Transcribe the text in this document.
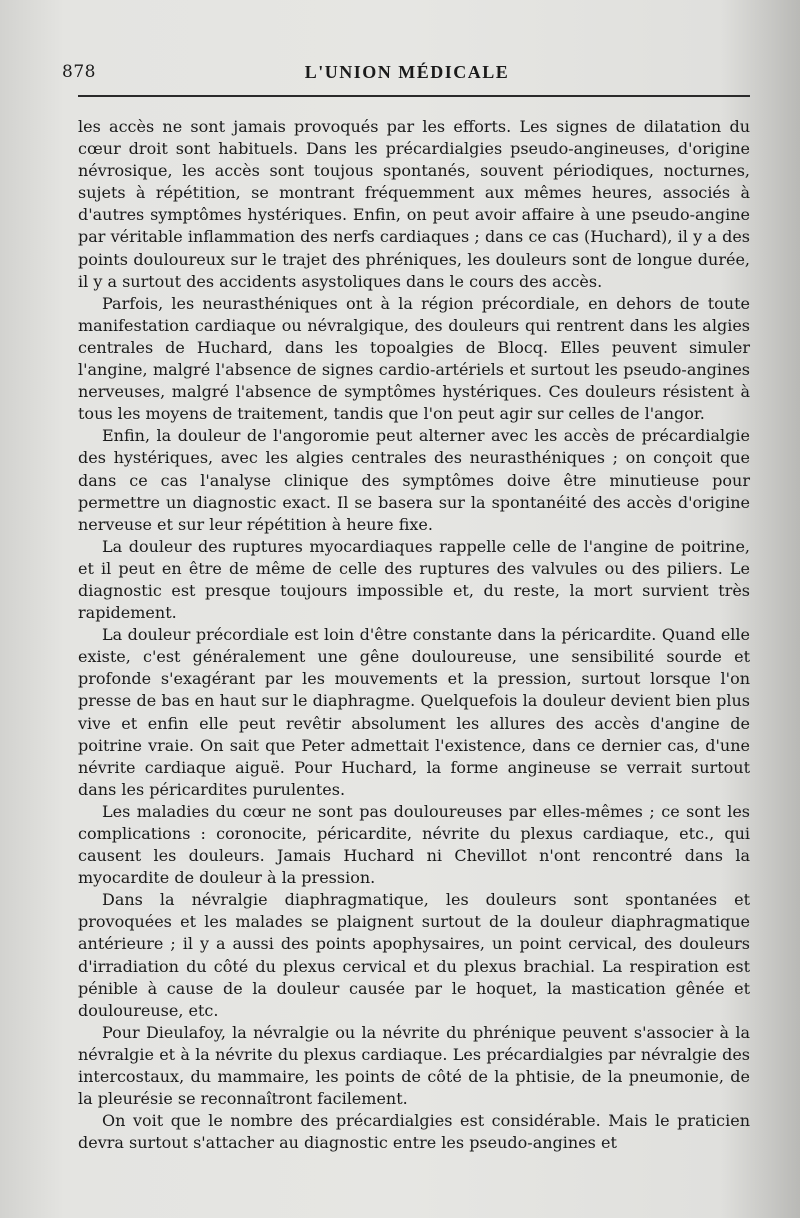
878	L'UNION MÉDICALE

les accès ne sont jamais provoqués par les efforts. Les signes de dilatation du cœur droit sont habituels. Dans les précardialgies pseudo-angineuses, d'origine névrosique, les accès sont toujous spontanés, souvent périodiques, nocturnes, sujets à répétition, se montrant fréquemment aux mêmes heures, associés à d'autres symptômes hystériques. Enfin, on peut avoir affaire à une pseudo-angine par véritable inflammation des nerfs cardiaques ; dans ce cas (Huchard), il y a des points douloureux sur le trajet des phréniques, les douleurs sont de longue durée, il y a surtout des accidents asystoliques dans le cours des accès.

Parfois, les neurasthéniques ont à la région précordiale, en dehors de toute manifestation cardiaque ou névralgique, des douleurs qui rentrent dans les algies centrales de Huchard, dans les topoalgies de Blocq. Elles peuvent simuler l'angine, malgré l'absence de signes cardio-artériels et surtout les pseudo-angines nerveuses, malgré l'absence de symptômes hystériques. Ces douleurs résistent à tous les moyens de traitement, tandis que l'on peut agir sur celles de l'angor.

Enfin, la douleur de l'angoromie peut alterner avec les accès de précardialgie des hystériques, avec les algies centrales des neurasthéniques ; on conçoit que dans ce cas l'analyse clinique des symptômes doive être minutieuse pour permettre un diagnostic exact. Il se basera sur la spontanéité des accès d'origine nerveuse et sur leur répétition à heure fixe.

La douleur des ruptures myocardiaques rappelle celle de l'angine de poitrine, et il peut en être de même de celle des ruptures des valvules ou des piliers. Le diagnostic est presque toujours impossible et, du reste, la mort survient très rapidement.

La douleur précordiale est loin d'être constante dans la péricardite. Quand elle existe, c'est généralement une gêne douloureuse, une sensibilité sourde et profonde s'exagérant par les mouvements et la pression, surtout lorsque l'on presse de bas en haut sur le diaphragme. Quelquefois la douleur devient bien plus vive et enfin elle peut revêtir absolument les allures des accès d'angine de poitrine vraie. On sait que Peter admettait l'existence, dans ce dernier cas, d'une névrite cardiaque aiguë. Pour Huchard, la forme angineuse se verrait surtout dans les péricardites purulentes.

Les maladies du cœur ne sont pas douloureuses par elles-mêmes ; ce sont les complications : coronocite, péricardite, névrite du plexus cardiaque, etc., qui causent les douleurs. Jamais Huchard ni Chevillot n'ont rencontré dans la myocardite de douleur à la pression.

Dans la névralgie diaphragmatique, les douleurs sont spontanées et provoquées et les malades se plaignent surtout de la douleur diaphragmatique antérieure ; il y a aussi des points apophysaires, un point cervical, des douleurs d'irradiation du côté du plexus cervical et du plexus brachial. La respiration est pénible à cause de la douleur causée par le hoquet, la mastication gênée et douloureuse, etc.

Pour Dieulafoy, la névralgie ou la névrite du phrénique peuvent s'associer à la névralgie et à la névrite du plexus cardiaque. Les précardialgies par névralgie des intercostaux, du mammaire, les points de côté de la phtisie, de la pneumonie, de la pleurésie se reconnaîtront facilement.

On voit que le nombre des précardialgies est considérable. Mais le praticien devra surtout s'attacher au diagnostic entre les pseudo-angines et
